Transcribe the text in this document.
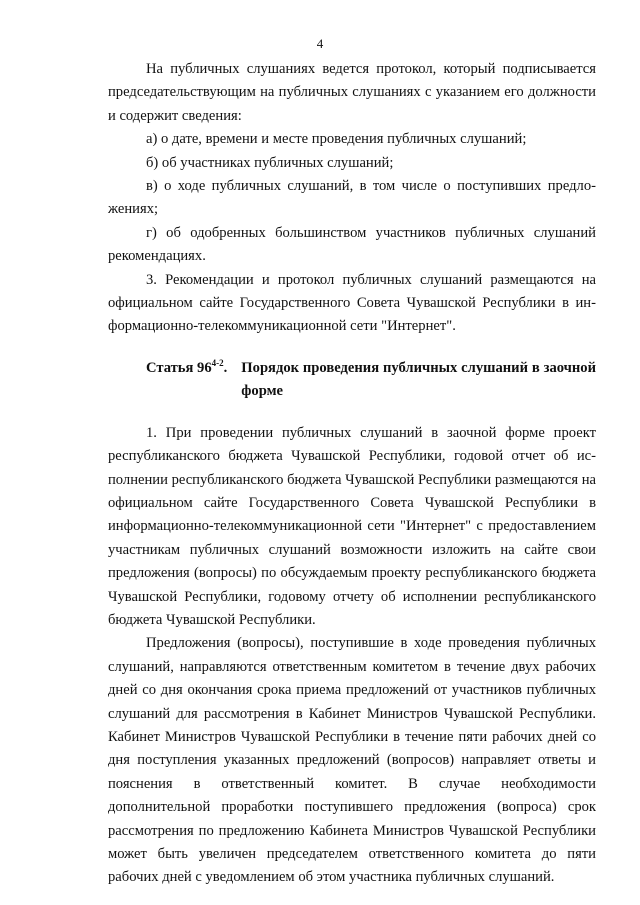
4

На публичных слушаниях ведется протокол, который подписывается председательствующим на публичных слушаниях с указанием его должности и содержит сведения:

а) о дате, времени и месте проведения публичных слушаний;

б) об участниках публичных слушаний;

в) о ходе публичных слушаний, в том числе о поступивших предложениях;

г) об одобренных большинством участников публичных слушаний рекомендациях.

3. Рекомендации и протокол публичных слушаний размещаются на официальном сайте Государственного Совета Чувашской Республики в информационно-телекоммуникационной сети "Интернет".

Статья 96$^{4-2}$. Порядок проведения публичных слушаний в заочной форме

1. При проведении публичных слушаний в заочной форме проект республиканского бюджета Чувашской Республики, годовой отчет об исполнении республиканского бюджета Чувашской Республики размещаются на официальном сайте Государственного Совета Чувашской Республики в информационно-телекоммуникационной сети "Интернет" с предоставлением участникам публичных слушаний возможности изложить на сайте свои предложения (вопросы) по обсуждаемым проекту республиканского бюджета Чувашской Республики, годовому отчету об исполнении республиканского бюджета Чувашской Республики.

Предложения (вопросы), поступившие в ходе проведения публичных слушаний, направляются ответственным комитетом в течение двух рабочих дней со дня окончания срока приема предложений от участников публичных слушаний для рассмотрения в Кабинет Министров Чувашской Республики. Кабинет Министров Чувашской Республики в течение пяти рабочих дней со дня поступления указанных предложений (вопросов) направляет ответы и пояснения в ответственный комитет. В случае необходимости дополнительной проработки поступившего предложения (вопроса) срок рассмотрения по предложению Кабинета Министров Чувашской Республики может быть увеличен председателем ответственного комитета до пяти рабочих дней с уведомлением об этом участника публичных слушаний.
